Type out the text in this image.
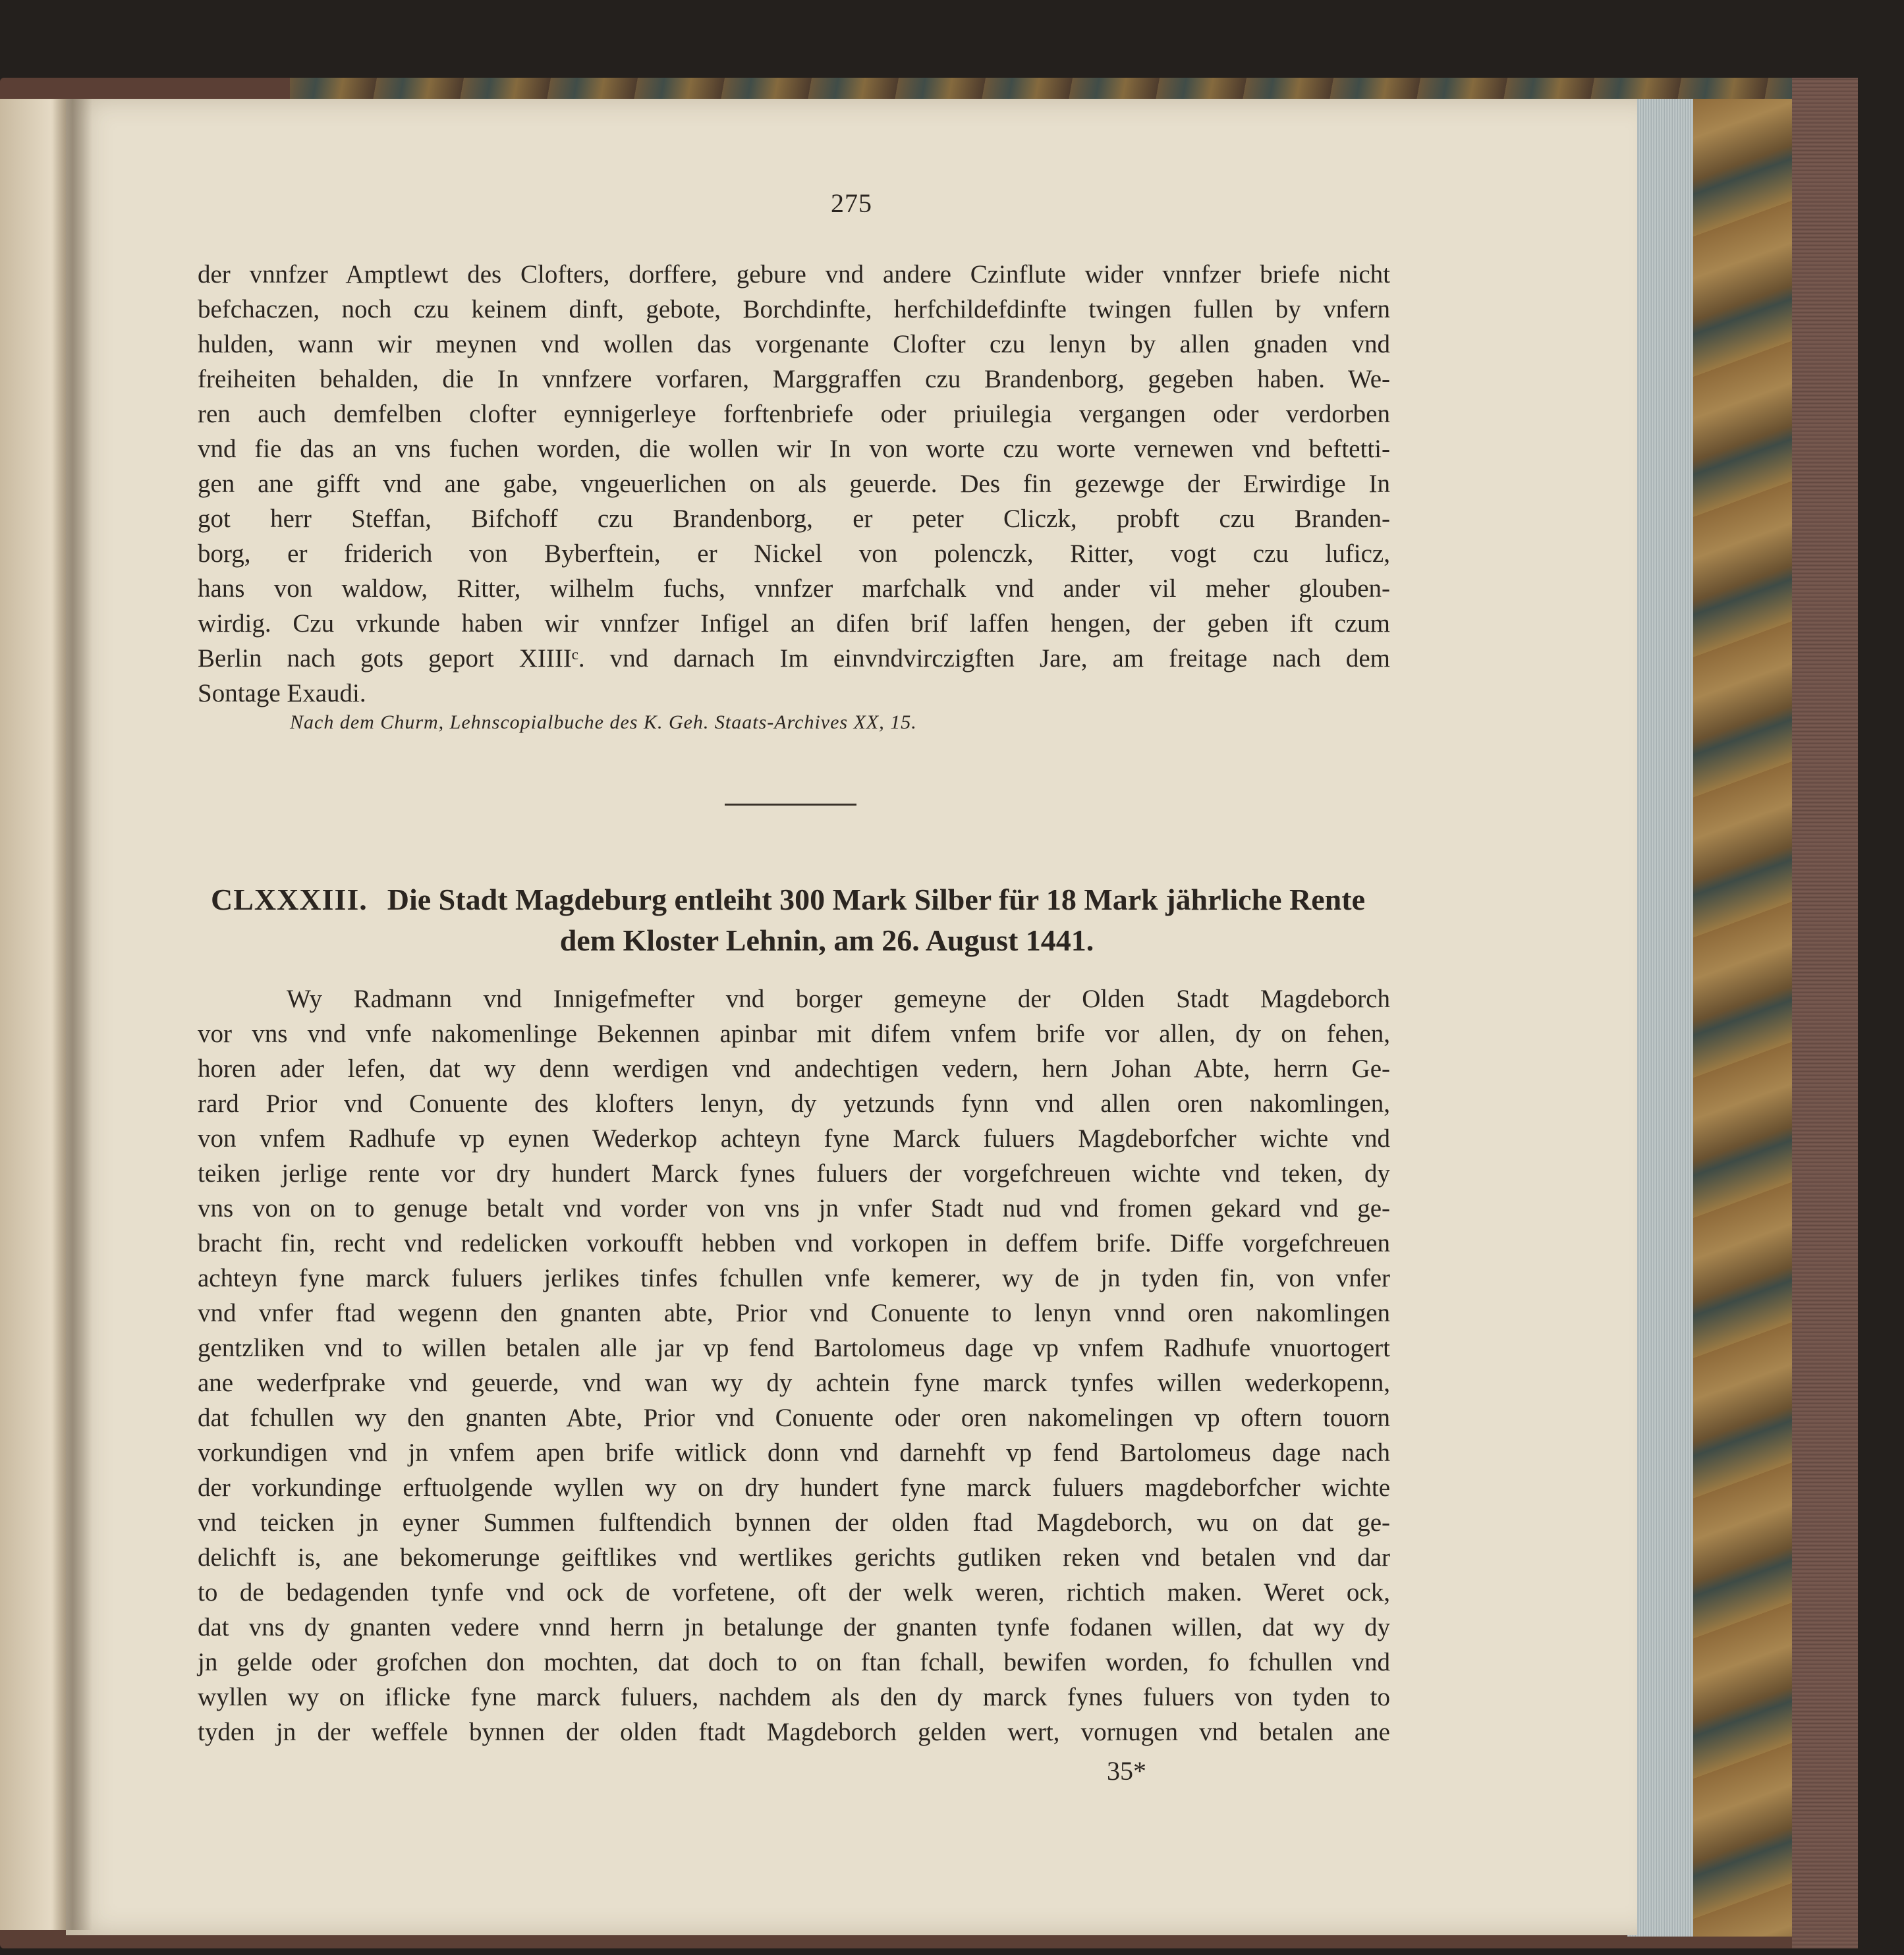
275
der vnnfzer Amptlewt des Clofters, dorffere, gebure vnd andere Czinflute wider vnnfzer briefe nicht
befchaczen, noch czu keinem dinft, gebote, Borchdinfte, herfchildefdinfte twingen fullen by vnfern
hulden, wann wir meynen vnd wollen das vorgenante Clofter czu lenyn by allen gnaden vnd
freiheiten behalden, die In vnnfzere vorfaren, Marggraffen czu Brandenborg, gegeben haben. We-
ren auch demfelben clofter eynnigerleye forftenbriefe oder priuilegia vergangen oder verdorben
vnd fie das an vns fuchen worden, die wollen wir In von worte czu worte vernewen vnd beftetti-
gen ane gifft vnd ane gabe, vngeuerlichen on als geuerde. Des fin gezewge der Erwirdige In
got herr Steffan, Bifchoff czu Brandenborg, er peter Cliczk, probft czu Branden-
borg, er friderich von Byberftein, er Nickel von polenczk, Ritter, vogt czu luficz,
hans von waldow, Ritter, wilhelm fuchs, vnnfzer marfchalk vnd ander vil meher glouben-
wirdig. Czu vrkunde haben wir vnnfzer Infigel an difen brif laffen hengen, der geben ift czum
Berlin nach gots geport XIIIIᶜ. vnd darnach Im einvndvirczigften Jare, am freitage nach dem
Sontage Exaudi.
Nach dem Churm, Lehnscopialbuche des K. Geh. Staats-Archives XX, 15.
CLXXXIII. Die Stadt Magdeburg entleiht 300 Mark Silber für 18 Mark jährliche Rente
dem Kloster Lehnin, am 26. August 1441.
Wy Radmann vnd Innigefmefter vnd borger gemeyne der Olden Stadt Magdeborch
vor vns vnd vnfe nakomenlinge Bekennen apinbar mit difem vnfem brife vor allen, dy on fehen,
horen ader lefen, dat wy denn werdigen vnd andechtigen vedern, hern Johan Abte, herrn Ge-
rard Prior vnd Conuente des klofters lenyn, dy yetzunds fynn vnd allen oren nakomlingen,
von vnfem Radhufe vp eynen Wederkop achteyn fyne Marck fuluers Magdeborfcher wichte vnd
teiken jerlige rente vor dry hundert Marck fynes fuluers der vorgefchreuen wichte vnd teken, dy
vns von on to genuge betalt vnd vorder von vns jn vnfer Stadt nud vnd fromen gekard vnd ge-
bracht fin, recht vnd redelicken vorkoufft hebben vnd vorkopen in deffem brife. Diffe vorgefchreuen
achteyn fyne marck fuluers jerlikes tinfes fchullen vnfe kemerer, wy de jn tyden fin, von vnfer
vnd vnfer ftad wegenn den gnanten abte, Prior vnd Conuente to lenyn vnnd oren nakomlingen
gentzliken vnd to willen betalen alle jar vp fend Bartolomeus dage vp vnfem Radhufe vnuortogert
ane wederfprake vnd geuerde, vnd wan wy dy achtein fyne marck tynfes willen wederkopenn,
dat fchullen wy den gnanten Abte, Prior vnd Conuente oder oren nakomelingen vp oftern touorn
vorkundigen vnd jn vnfem apen brife witlick donn vnd darnehft vp fend Bartolomeus dage nach
der vorkundinge erftuolgende wyllen wy on dry hundert fyne marck fuluers magdeborfcher wichte
vnd teicken jn eyner Summen fulftendich bynnen der olden ftad Magdeborch, wu on dat ge-
delichft is, ane bekomerunge geiftlikes vnd wertlikes gerichts gutliken reken vnd betalen vnd dar
to de bedagenden tynfe vnd ock de vorfetene, oft der welk weren, richtich maken. Weret ock,
dat vns dy gnanten vedere vnnd herrn jn betalunge der gnanten tynfe fodanen willen, dat wy dy
jn gelde oder grofchen don mochten, dat doch to on ftan fchall, bewifen worden, fo fchullen vnd
wyllen wy on iflicke fyne marck fuluers, nachdem als den dy marck fynes fuluers von tyden to
tyden jn der weffele bynnen der olden ftadt Magdeborch gelden wert, vornugen vnd betalen ane
35*
